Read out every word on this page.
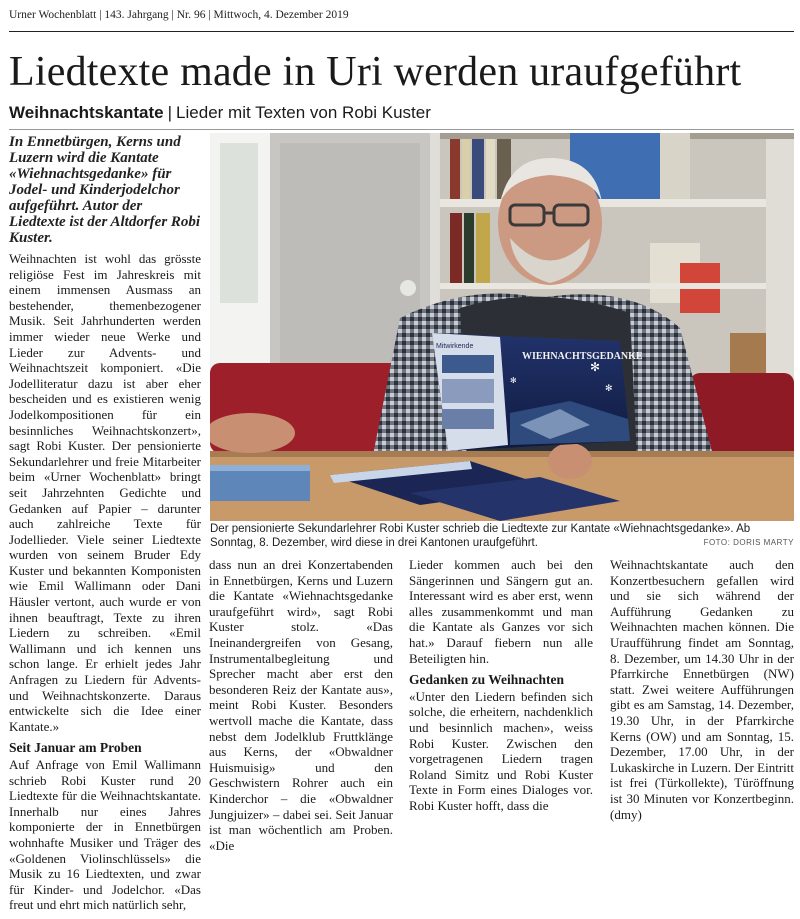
Urner Wochenblatt | 143. Jahrgang | Nr. 96 | Mittwoch, 4. Dezember 2019
Liedtexte made in Uri werden uraufgeführt
Weihnachtskantate | Lieder mit Texten von Robi Kuster
In Ennetbürgen, Kerns und Luzern wird die Kantate «Wiehnachtsgedanke» für Jodel- und Kinderjodelchor aufgeführt. Autor der Liedtexte ist der Altdorfer Robi Kuster.

Weihnachten ist wohl das grösste religiöse Fest im Jahreskreis mit einem immensen Ausmass an bestehender, themenbezogener Musik. Seit Jahrhunderten werden immer wieder neue Werke und Lieder zur Advents- und Weihnachtszeit komponiert. «Die Jodelliteratur dazu ist aber eher bescheiden und es existieren wenig Jodelkompositionen für ein besinnliches Weihnachtskonzert», sagt Robi Kuster. Der pensionierte Sekundarlehrer und freie Mitarbeiter beim «Urner Wochenblatt» bringt seit Jahrzehnten Gedichte und Gedanken auf Papier – darunter auch zahlreiche Texte für Jodellieder. Viele seiner Liedtexte wurden von seinem Bruder Edy Kuster und bekannten Komponisten wie Emil Wallimann oder Dani Häusler vertont, auch wurde er von ihnen beauftragt, Texte zu ihren Liedern zu schreiben. «Emil Wallimann und ich kennen uns schon lange. Er erhielt jedes Jahr Anfragen zu Liedern für Advents- und Weihnachtskonzerte. Daraus entwickelte sich die Idee einer Kantate.»

Seit Januar am Proben

Auf Anfrage von Emil Wallimann schrieb Robi Kuster rund 20 Liedtexte für die Weihnachtskantate. Innerhalb nur eines Jahres komponierte der in Ennetbürgen wohnhafte Musiker und Träger des «Goldenen Violinschlüssels» die Musik zu 16 Liedtexten, und zwar für Kinder- und Jodelchor. «Das freut und ehrt mich natürlich sehr,

Mitwirkende
WIEHNACHTSGEDANKE
✻
✻
✻
Der pensionierte Sekundarlehrer Robi Kuster schrieb die Liedtexte zur Kantate «Wiehnachtsgedanke». Ab Sonntag, 8. Dezember, wird diese in drei Kantonen uraufgeführt.	FOTO: DORIS MARTY

dass nun an drei Konzertabenden in Ennetbürgen, Kerns und Luzern die Kantate «Wiehnachtsgedanke uraufgeführt wird», sagt Robi Kuster stolz. «Das Ineinandergreifen von Gesang, Instrumentalbegleitung und Sprecher macht aber erst den besonderen Reiz der Kantate aus», meint Robi Kuster. Besonders wertvoll mache die Kantate, dass nebst dem Jodelklub Fruttklänge aus Kerns, der «Obwaldner Huismuisig» und den Geschwistern Rohrer auch ein Kinderchor – die «Obwaldner Jungjuizer» – dabei sei. Seit Januar ist man wöchentlich am Proben. «Die

Lieder kommen auch bei den Sängerinnen und Sängern gut an. Interessant wird es aber erst, wenn alles zusammenkommt und man die Kantate als Ganzes vor sich hat.» Darauf fiebern nun alle Beteiligten hin.

Gedanken zu Weihnachten

«Unter den Liedern befinden sich solche, die erheitern, nachdenklich und besinnlich machen», weiss Robi Kuster. Zwischen den vorgetragenen Liedern tragen Roland Simitz und Robi Kuster Texte in Form eines Dialoges vor. Robi Kuster hofft, dass die

Weihnachtskantate auch den Konzertbesuchern gefallen wird und sie sich während der Aufführung Gedanken zu Weihnachten machen können. Die Uraufführung findet am Sonntag, 8. Dezember, um 14.30 Uhr in der Pfarrkirche Ennetbürgen (NW) statt. Zwei weitere Aufführungen gibt es am Samstag, 14. Dezember, 19.30 Uhr, in der Pfarrkirche Kerns (OW) und am Sonntag, 15. Dezember, 17.00 Uhr, in der Lukaskirche in Luzern. Der Eintritt ist frei (Türkollekte), Türöffnung ist 30 Minuten vor Konzertbeginn. (dmy)
